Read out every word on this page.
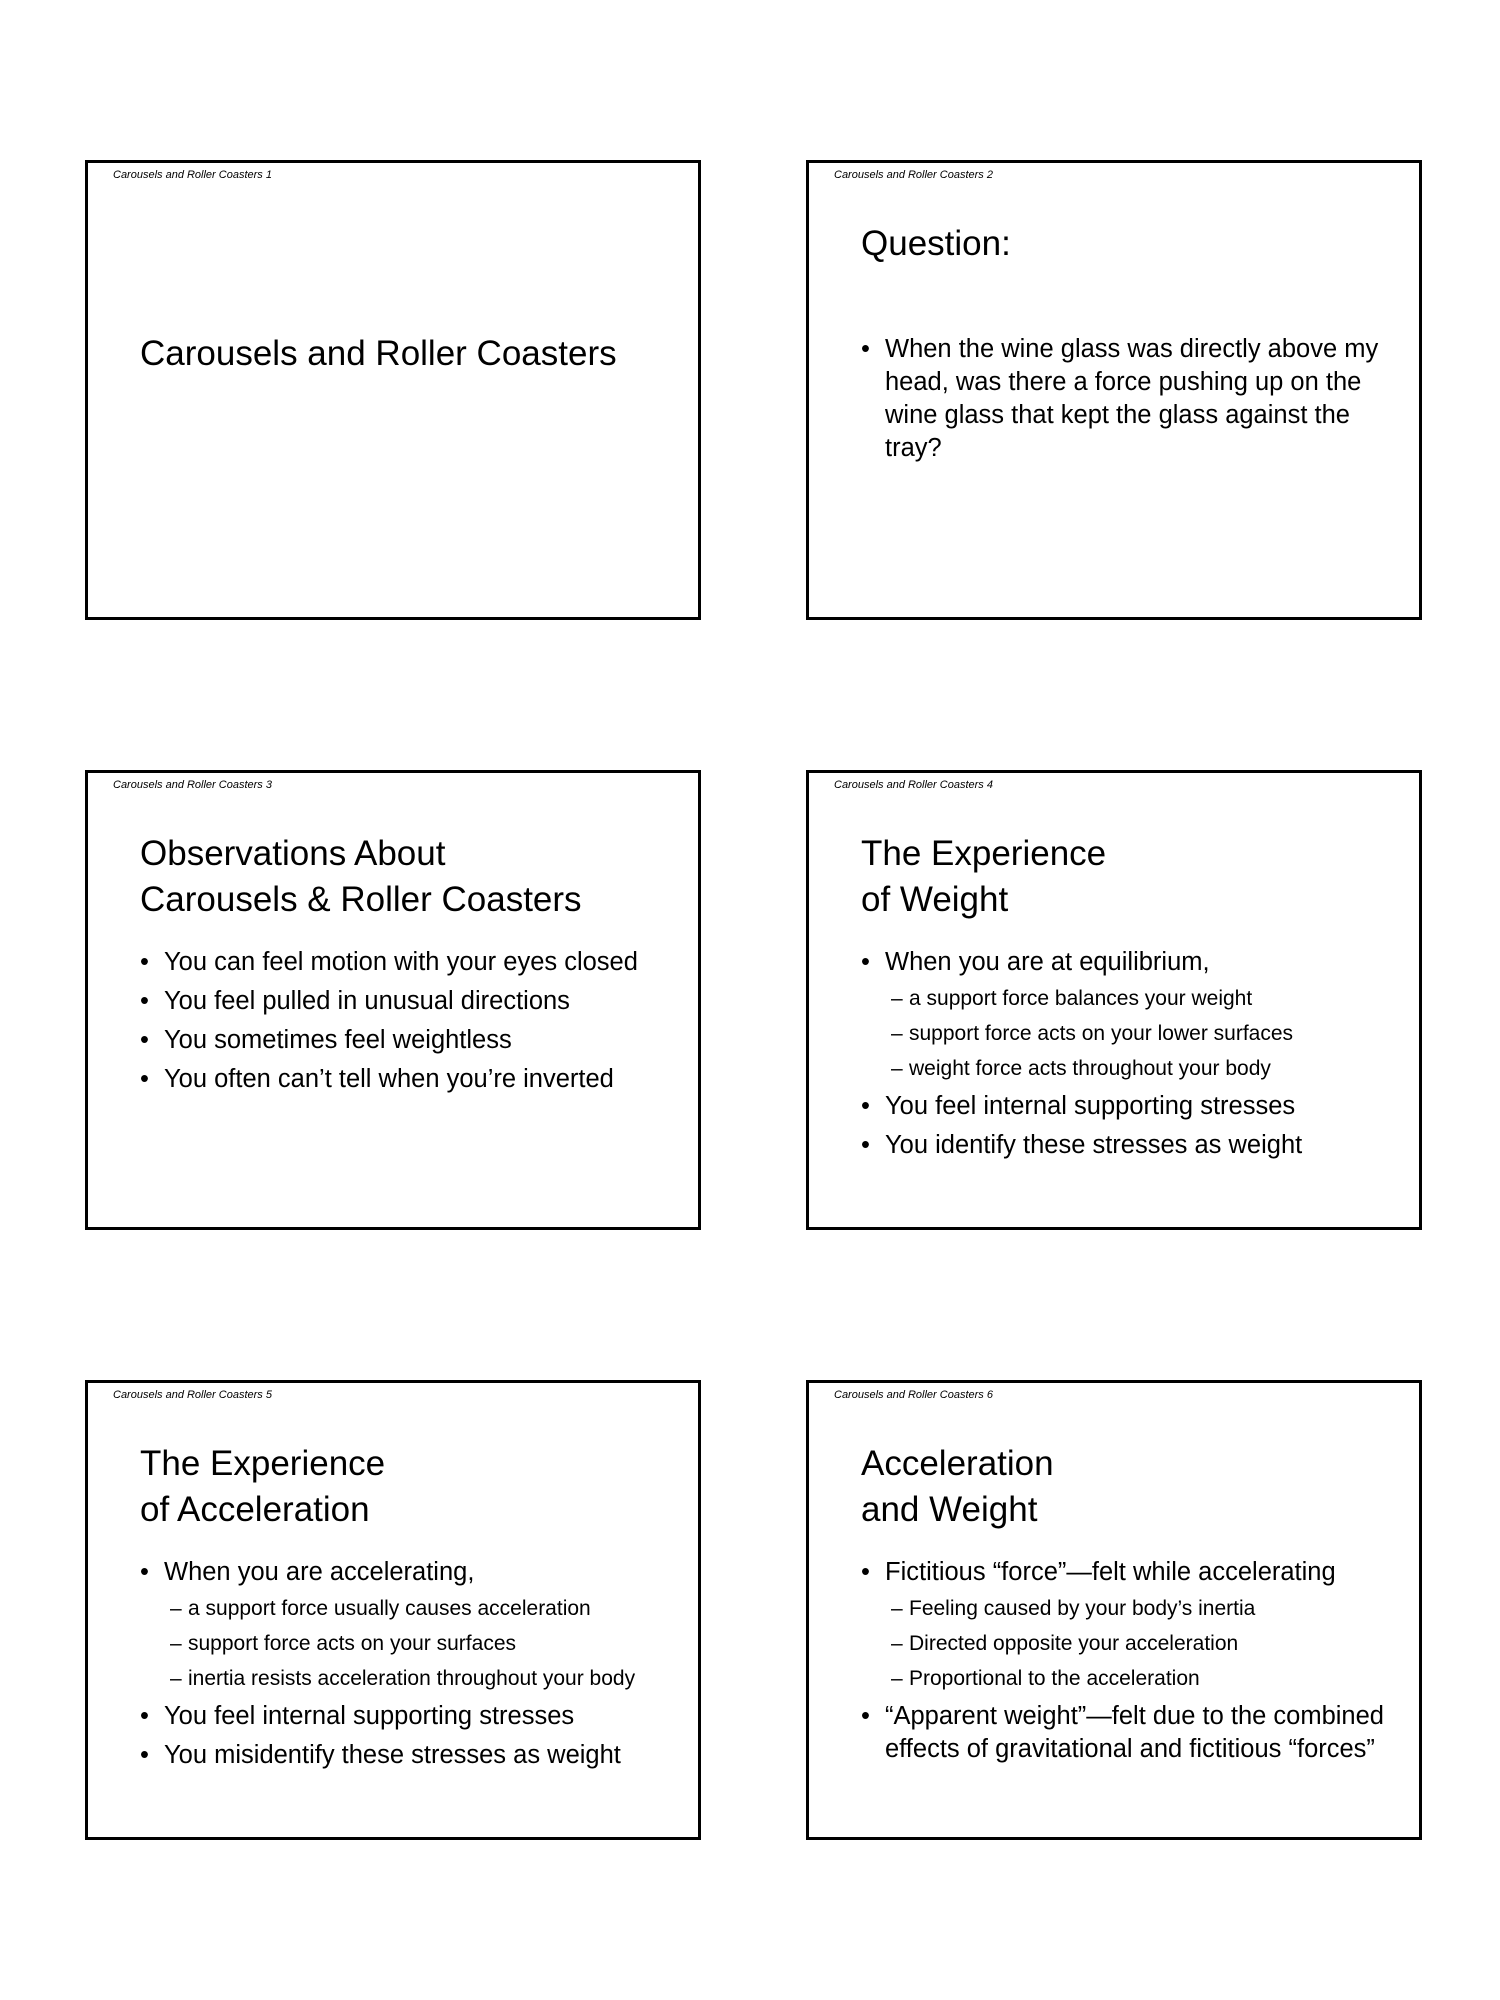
Carousels and Roller Coasters 1
Carousels and Roller Coasters
Carousels and Roller Coasters 2
Question:
• When the wine glass was directly above my head, was there a force pushing up on the wine glass that kept the glass against the tray?
Carousels and Roller Coasters 3
Observations About
Carousels & Roller Coasters
• You can feel motion with your eyes closed
• You feel pulled in unusual directions
• You sometimes feel weightless
• You often can’t tell when you’re inverted
Carousels and Roller Coasters 4
The Experience
of Weight
• When you are at equilibrium,
– a support force balances your weight
– support force acts on your lower surfaces
– weight force acts throughout your body
• You feel internal supporting stresses
• You identify these stresses as weight
Carousels and Roller Coasters 5
The Experience
of Acceleration
• When you are accelerating,
– a support force usually causes acceleration
– support force acts on your surfaces
– inertia resists acceleration throughout your body
• You feel internal supporting stresses
• You misidentify these stresses as weight
Carousels and Roller Coasters 6
Acceleration
and Weight
• Fictitious “force”—felt while accelerating
– Feeling caused by your body’s inertia
– Directed opposite your acceleration
– Proportional to the acceleration
• “Apparent weight”—felt due to the combined effects of gravitational and fictitious “forces”
